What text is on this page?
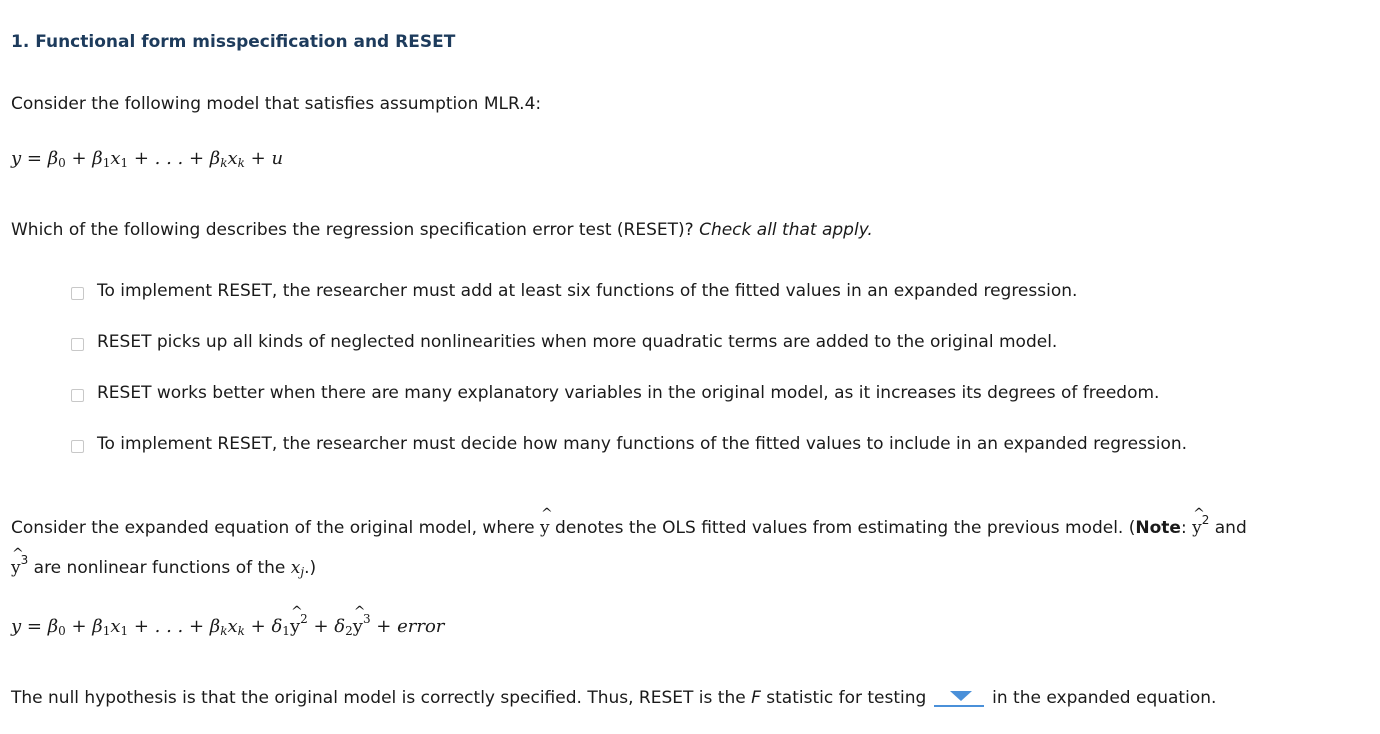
1. Functional form misspecification and RESET
Consider the following model that satisfies assumption MLR.4:
$y = \beta_0 + \beta_1x_1$ + . . . + $\beta_kx_k + u$
Which of the following describes the regression specification error test (RESET)? Check all that apply.
To implement RESET, the researcher must add at least six functions of the fitted values in an expanded regression.
RESET picks up all kinds of neglected nonlinearities when more quadratic terms are added to the original model.
RESET works better when there are many explanatory variables in the original model, as it increases its degrees of freedom.
To implement RESET, the researcher must decide how many functions of the fitted values to include in an expanded regression.
Consider the expanded equation of the original model, where
^
y denotes the OLS fitted values from estimating the previous model. (Note:
^
$y^2$ and
^
$y^3$ are nonlinear functions of the $x_j$.)
$y = \beta_0 + \beta_1x_1$ + . . . + $\beta_kx_k + \delta_1$
^
$y^2 + \delta_2$
^
$y^3$ + error
The null hypothesis is that the original model is correctly specified. Thus, RESET is the F statistic for testing	in the expanded equation.
